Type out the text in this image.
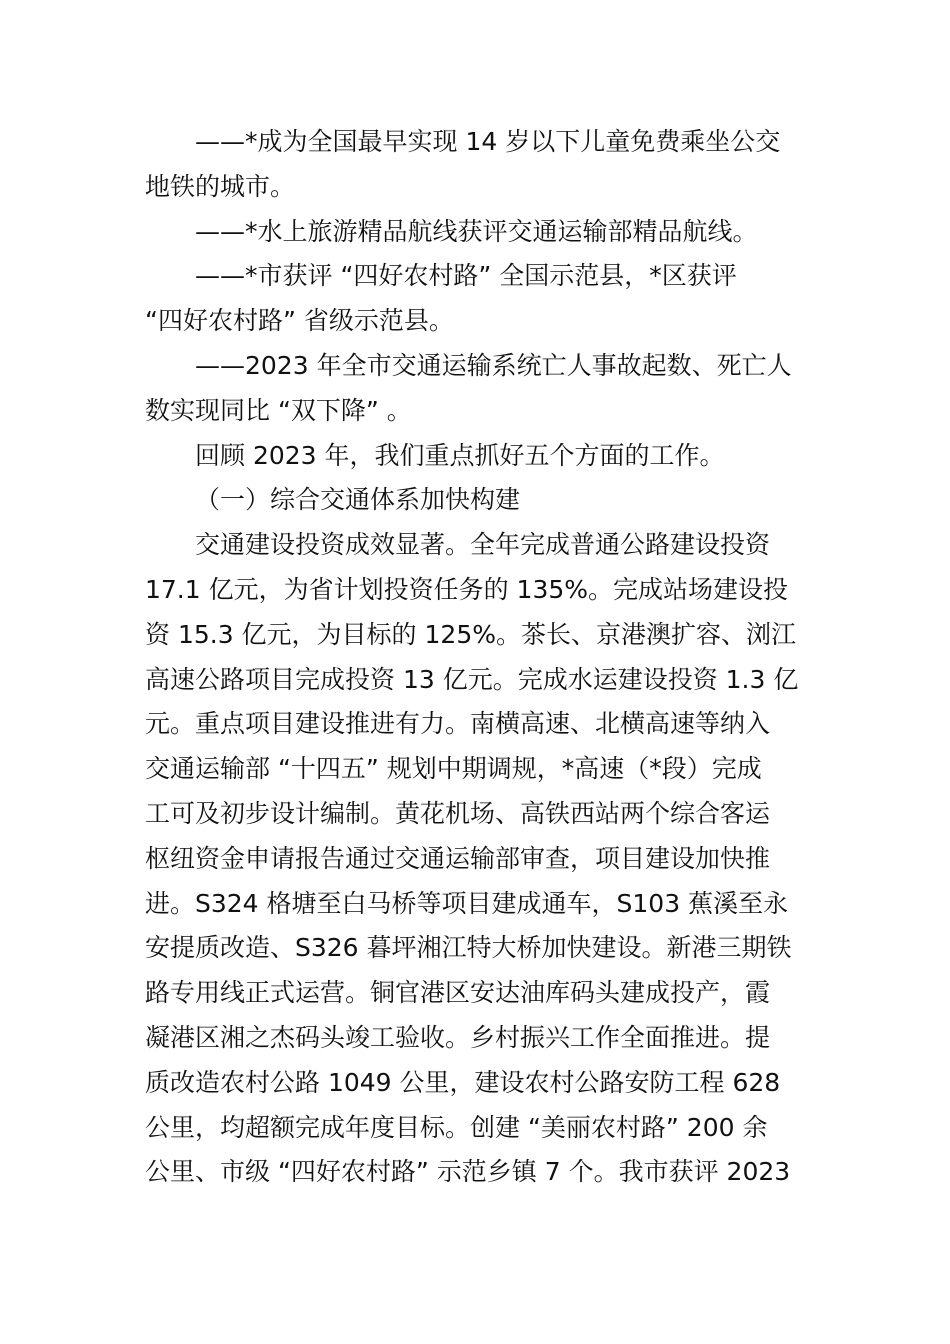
——*成为全国最早实现 14 岁以下儿童免费乘坐公交
地铁的城市。

——*水上旅游精品航线获评交通运输部精品航线。

——*市获评 “四好农村路” 全国示范县，*区获评
“四好农村路” 省级示范县。

——2023 年全市交通运输系统亡人事故起数、死亡人
数实现同比 “双下降” 。

回顾 2023 年，我们重点抓好五个方面的工作。

（一）综合交通体系加快构建

交通建设投资成效显著。全年完成普通公路建设投资
17.1 亿元，为省计划投资任务的 135%。完成站场建设投
资 15.3 亿元，为目标的 125%。茶长、京港澳扩容、浏江
高速公路项目完成投资 13 亿元。完成水运建设投资 1.3 亿
元。重点项目建设推进有力。南横高速、北横高速等纳入
交通运输部 “十四五” 规划中期调规，*高速（*段）完成
工可及初步设计编制。黄花机场、高铁西站两个综合客运
枢纽资金申请报告通过交通运输部审查，项目建设加快推
进。S324 格塘至白马桥等项目建成通车，S103 蕉溪至永
安提质改造、S326 暮坪湘江特大桥加快建设。新港三期铁
路专用线正式运营。铜官港区安达油库码头建成投产，霞
凝港区湘之杰码头竣工验收。乡村振兴工作全面推进。提
质改造农村公路 1049 公里，建设农村公路安防工程 628
公里，均超额完成年度目标。创建 “美丽农村路” 200 余
公里、市级 “四好农村路” 示范乡镇 7 个。我市获评 2023
